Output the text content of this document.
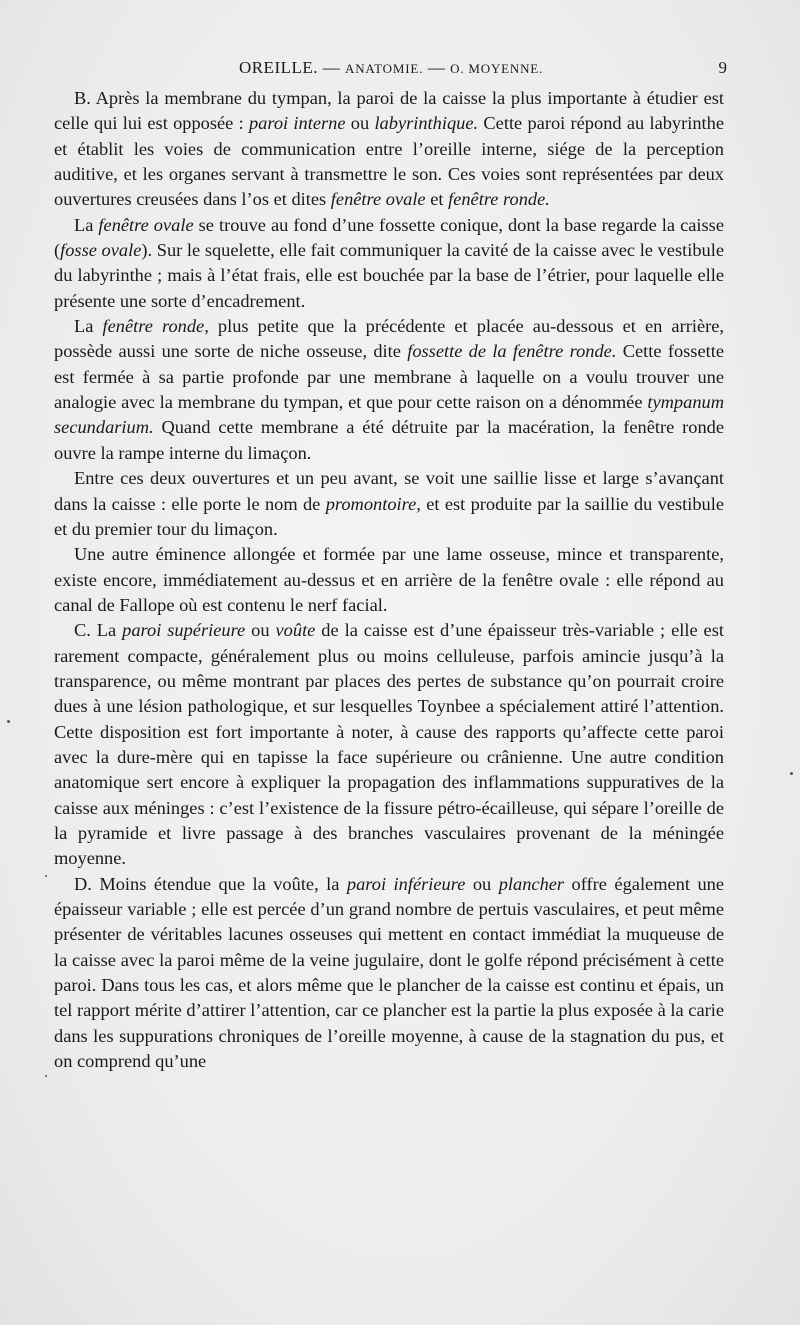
OREILLE. — ANATOMIE. — O. MOYENNE.	9

B. Après la membrane du tympan, la paroi de la caisse la plus importante à étudier est celle qui lui est opposée : paroi interne ou labyrinthique. Cette paroi répond au labyrinthe et établit les voies de communication entre l’oreille interne, siége de la perception auditive, et les organes servant à transmettre le son. Ces voies sont représentées par deux ouvertures creusées dans l’os et dites fenêtre ovale et fenêtre ronde.

La fenêtre ovale se trouve au fond d’une fossette conique, dont la base regarde la caisse (fosse ovale). Sur le squelette, elle fait communiquer la cavité de la caisse avec le vestibule du labyrinthe ; mais à l’état frais, elle est bouchée par la base de l’étrier, pour laquelle elle présente une sorte d’encadrement.

La fenêtre ronde, plus petite que la précédente et placée au-dessous et en arrière, possède aussi une sorte de niche osseuse, dite fossette de la fenêtre ronde. Cette fossette est fermée à sa partie profonde par une membrane à laquelle on a voulu trouver une analogie avec la membrane du tympan, et que pour cette raison on a dénommée tympanum secundarium. Quand cette membrane a été détruite par la macération, la fenêtre ronde ouvre la rampe interne du limaçon.

Entre ces deux ouvertures et un peu avant, se voit une saillie lisse et large s’avançant dans la caisse : elle porte le nom de promontoire, et est produite par la saillie du vestibule et du premier tour du limaçon.

Une autre éminence allongée et formée par une lame osseuse, mince et transparente, existe encore, immédiatement au-dessus et en arrière de la fenêtre ovale : elle répond au canal de Fallope où est contenu le nerf facial.

C. La paroi supérieure ou voûte de la caisse est d’une épaisseur très-variable ; elle est rarement compacte, généralement plus ou moins celluleuse, parfois amincie jusqu’à la transparence, ou même montrant par places des pertes de substance qu’on pourrait croire dues à une lésion pathologique, et sur lesquelles Toynbee a spécialement attiré l’attention. Cette disposition est fort importante à noter, à cause des rapports qu’affecte cette paroi avec la dure-mère qui en tapisse la face supérieure ou crânienne. Une autre condition anatomique sert encore à expliquer la propagation des inflammations suppuratives de la caisse aux méninges : c’est l’existence de la fissure pétro-écailleuse, qui sépare l’oreille de la pyramide et livre passage à des branches vasculaires provenant de la méningée moyenne.

D. Moins étendue que la voûte, la paroi inférieure ou plancher offre également une épaisseur variable ; elle est percée d’un grand nombre de pertuis vasculaires, et peut même présenter de véritables lacunes osseuses qui mettent en contact immédiat la muqueuse de la caisse avec la paroi même de la veine jugulaire, dont le golfe répond précisément à cette paroi. Dans tous les cas, et alors même que le plancher de la caisse est continu et épais, un tel rapport mérite d’attirer l’attention, car ce plancher est la partie la plus exposée à la carie dans les suppurations chroniques de l’oreille moyenne, à cause de la stagnation du pus, et on comprend qu’une
